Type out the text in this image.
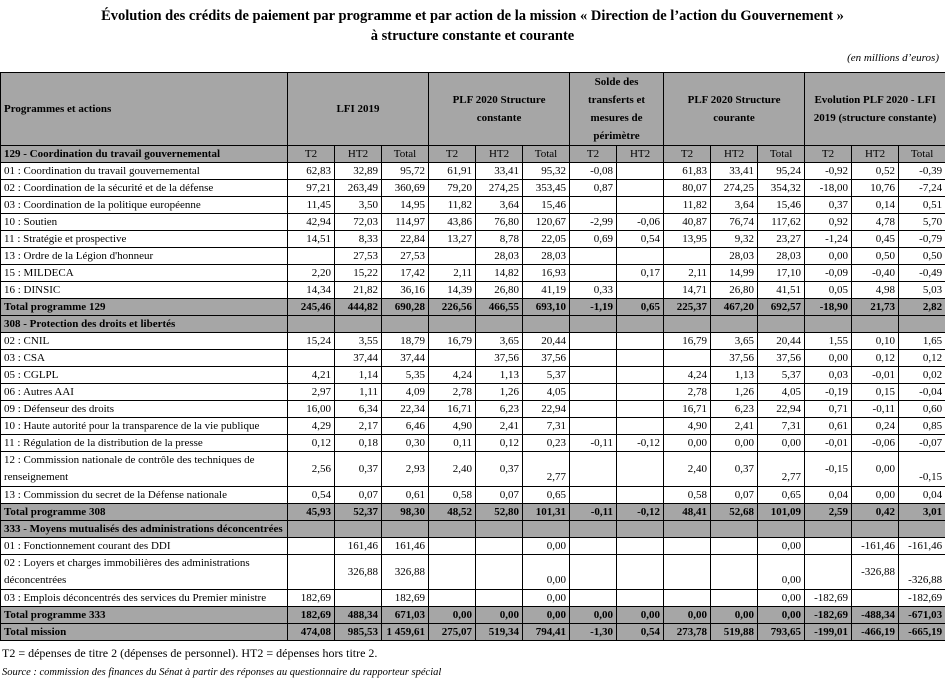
Évolution des crédits de paiement par programme et par action de la mission « Direction de l’action du Gouvernement »
à structure constante et courante
(en millions d’euros)
Programmes et actions	LFI 2019			PLF 2020 Structure constante			Solde des transferts et mesures de périmètre		PLF 2020 Structure courante			Evolution PLF 2020 - LFI 2019 (structure constante)		
129 - Coordination du travail gouvernemental	T2	HT2	Total	T2	HT2	Total	T2	HT2	T2	HT2	Total	T2	HT2	Total
01 : Coordination du travail gouvernemental	62,83	32,89	95,72	61,91	33,41	95,32	-0,08		61,83	33,41	95,24	-0,92	0,52	-0,39
02 : Coordination de la sécurité et de la défense	97,21	263,49	360,69	79,20	274,25	353,45	0,87		80,07	274,25	354,32	-18,00	10,76	-7,24
03 : Coordination de la politique européenne	11,45	3,50	14,95	11,82	3,64	15,46			11,82	3,64	15,46	0,37	0,14	0,51
10 : Soutien	42,94	72,03	114,97	43,86	76,80	120,67	-2,99	-0,06	40,87	76,74	117,62	0,92	4,78	5,70
11 : Stratégie et prospective	14,51	8,33	22,84	13,27	8,78	22,05	0,69	0,54	13,95	9,32	23,27	-1,24	0,45	-0,79
13 : Ordre de la Légion d'honneur		27,53	27,53		28,03	28,03				28,03	28,03	0,00	0,50	0,50
15 : MILDECA	2,20	15,22	17,42	2,11	14,82	16,93		0,17	2,11	14,99	17,10	-0,09	-0,40	-0,49
16 : DINSIC	14,34	21,82	36,16	14,39	26,80	41,19	0,33		14,71	26,80	41,51	0,05	4,98	5,03
Total programme 129	245,46	444,82	690,28	226,56	466,55	693,10	-1,19	0,65	225,37	467,20	692,57	-18,90	21,73	2,82
308 - Protection des droits et libertés														
02 : CNIL	15,24	3,55	18,79	16,79	3,65	20,44			16,79	3,65	20,44	1,55	0,10	1,65
03 : CSA		37,44	37,44		37,56	37,56				37,56	37,56	0,00	0,12	0,12
05 : CGLPL	4,21	1,14	5,35	4,24	1,13	5,37			4,24	1,13	5,37	0,03	-0,01	0,02
06 : Autres AAI	2,97	1,11	4,09	2,78	1,26	4,05			2,78	1,26	4,05	-0,19	0,15	-0,04
09 : Défenseur des droits	16,00	6,34	22,34	16,71	6,23	22,94			16,71	6,23	22,94	0,71	-0,11	0,60
10 : Haute autorité pour la transparence de la vie publique	4,29	2,17	6,46	4,90	2,41	7,31			4,90	2,41	7,31	0,61	0,24	0,85
11 : Régulation de la distribution de la presse	0,12	0,18	0,30	0,11	0,12	0,23	-0,11	-0,12	0,00	0,00	0,00	-0,01	-0,06	-0,07
12 : Commission nationale de contrôle des techniques de renseignement	2,56	0,37	2,93	2,40	0,37	2,77			2,40	0,37	2,77	-0,15	0,00	-0,15
13 : Commission du secret de la Défense nationale	0,54	0,07	0,61	0,58	0,07	0,65			0,58	0,07	0,65	0,04	0,00	0,04
Total programme 308	45,93	52,37	98,30	48,52	52,80	101,31	-0,11	-0,12	48,41	52,68	101,09	2,59	0,42	3,01
333 - Moyens mutualisés des administrations déconcentrées														
01 : Fonctionnement courant des DDI		161,46	161,46			0,00					0,00		-161,46	-161,46
02 : Loyers et charges immobilières des administrations déconcentrées		326,88	326,88			0,00					0,00		-326,88	-326,88
03 : Emplois déconcentrés des services du Premier ministre	182,69		182,69			0,00					0,00	-182,69		-182,69
Total programme 333	182,69	488,34	671,03	0,00	0,00	0,00	0,00	0,00	0,00	0,00	0,00	-182,69	-488,34	-671,03
Total mission	474,08	985,53	1 459,61	275,07	519,34	794,41	-1,30	0,54	273,78	519,88	793,65	-199,01	-466,19	-665,19
T2 = dépenses de titre 2 (dépenses de personnel). HT2 = dépenses hors titre 2.
Source : commission des finances du Sénat à partir des réponses au questionnaire du rapporteur spécial
